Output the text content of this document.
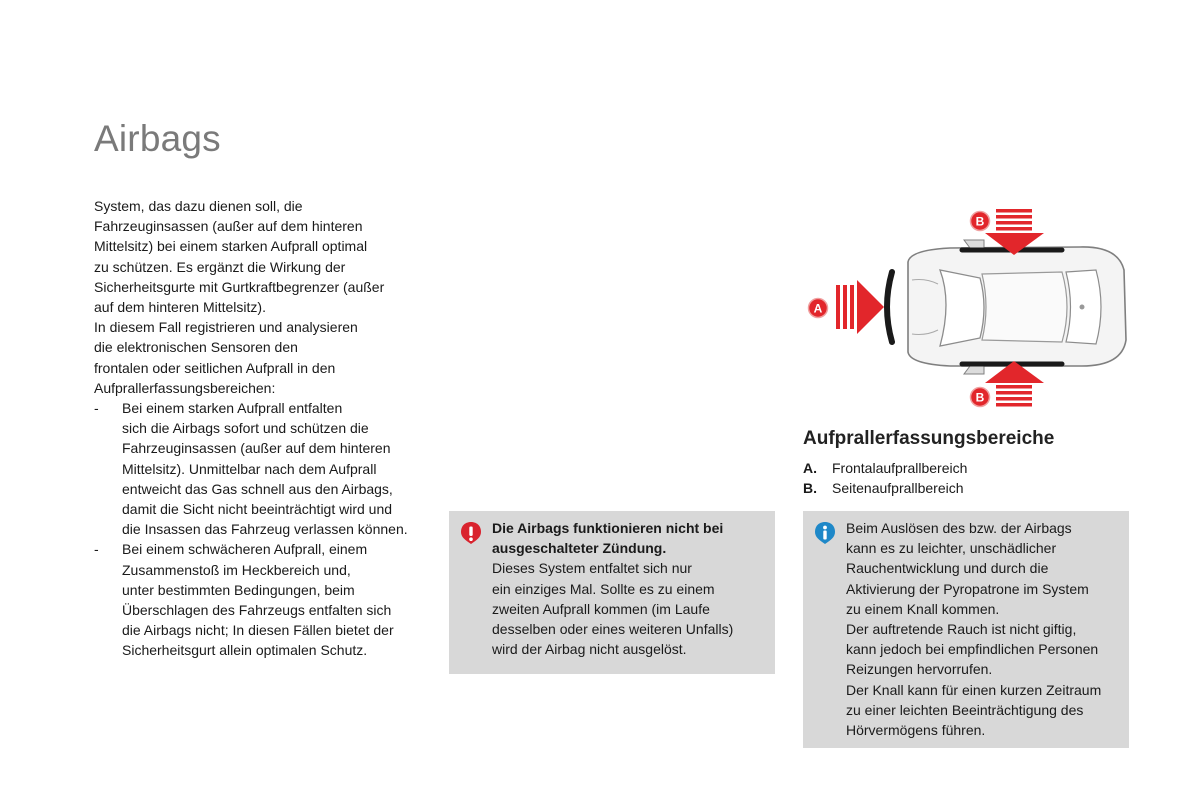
Airbags

System, das dazu dienen soll, die
Fahrzeuginsassen (außer auf dem hinteren
Mittelsitz) bei einem starken Aufprall optimal
zu schützen. Es ergänzt die Wirkung der
Sicherheitsgurte mit Gurtkraftbegrenzer (außer
auf dem hinteren Mittelsitz).
In diesem Fall registrieren und analysieren
die elektronischen Sensoren den
frontalen oder seitlichen Aufprall in den
Aufprallerfassungsbereichen:

- Bei einem starken Aufprall entfalten
sich die Airbags sofort und schützen die
Fahrzeuginsassen (außer auf dem hinteren
Mittelsitz). Unmittelbar nach dem Aufprall
entweicht das Gas schnell aus den Airbags,
damit die Sicht nicht beeinträchtigt wird und
die Insassen das Fahrzeug verlassen können.
- Bei einem schwächeren Aufprall, einem
Zusammenstoß im Heckbereich und,
unter bestimmten Bedingungen, beim
Überschlagen des Fahrzeugs entfalten sich
die Airbags nicht; In diesen Fällen bietet der
Sicherheitsgurt allein optimalen Schutz.
Die Airbags funktionieren nicht bei
ausgeschalteter Zündung.
Dieses System entfaltet sich nur
ein einziges Mal. Sollte es zu einem
zweiten Aufprall kommen (im Laufe
desselben oder eines weiteren Unfalls)
wird der Airbag nicht ausgelöst.
A
B
B
Aufprallerfassungsbereiche
A.	Frontalaufprallbereich
B.	Seitenaufprallbereich
Beim Auslösen des bzw. der Airbags
kann es zu leichter, unschädlicher
Rauchentwicklung und durch die
Aktivierung der Pyropatrone im System
zu einem Knall kommen.
Der auftretende Rauch ist nicht giftig,
kann jedoch bei empfindlichen Personen
Reizungen hervorrufen.
Der Knall kann für einen kurzen Zeitraum
zu einer leichten Beeinträchtigung des
Hörvermögens führen.
